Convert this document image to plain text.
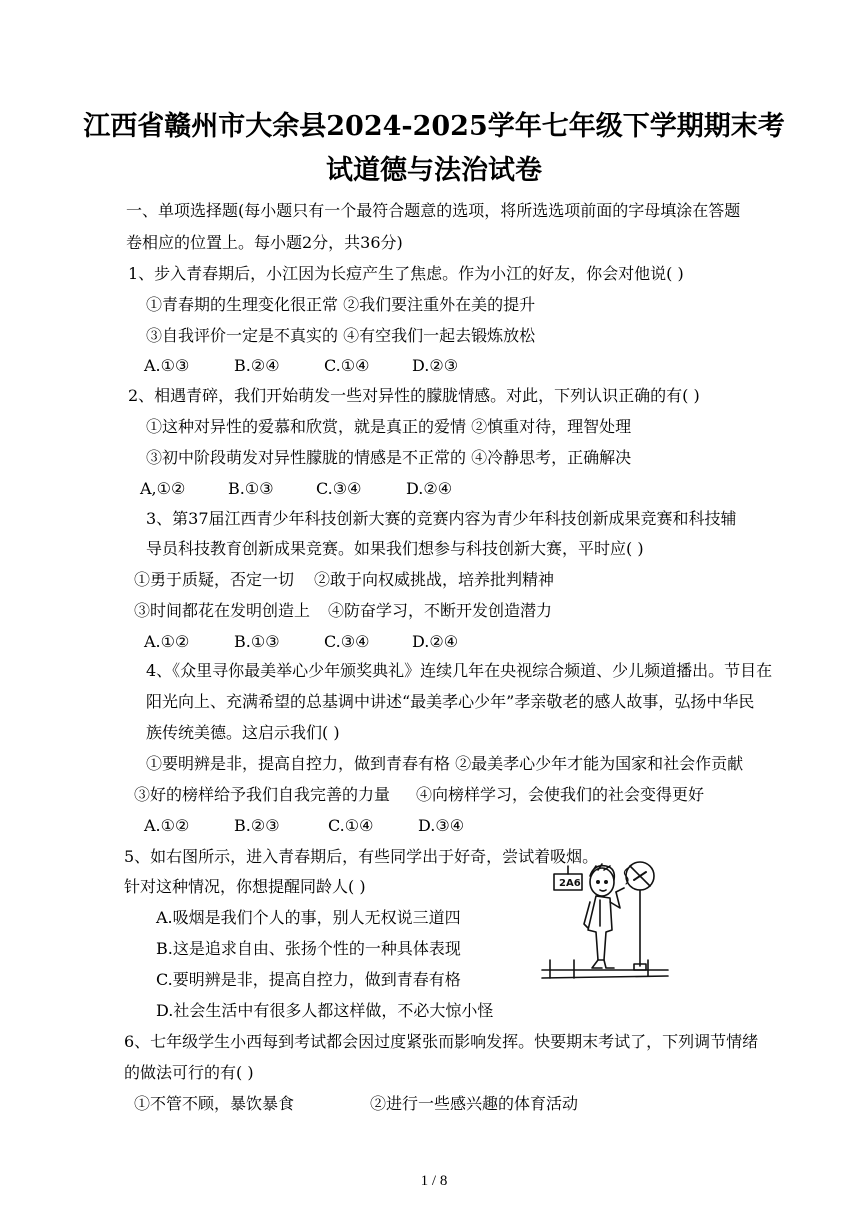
江西省赣州市大余县2024-2025学年七年级下学期期末考
试道德与法治试卷
一、单项选择题(每小题只有一个最符合题意的选项，将所选选项前面的字母填涂在答题
卷相应的位置上。每小题2分，共36分)
1、步入青春期后，小江因为长痘产生了焦虑。作为小江的好友，你会对他说( )
①青春期的生理变化很正常 ②我们要注重外在美的提升
③自我评价一定是不真实的 ④有空我们一起去锻炼放松
A.①③	B.②④	C.①④	D.②③
2、相遇青碎，我们开始萌发一些对异性的朦胧情感。对此，下列认识正确的有( )
①这种对异性的爱慕和欣赏，就是真正的爱情 ②慎重对待，理智处理
③初中阶段萌发对异性朦胧的情感是不正常的 ④冷静思考，正确解决
A,①②	B.①③	C.③④	D.②④
3、第37届江西青少年科技创新大赛的竞赛内容为青少年科技创新成果竞赛和科技辅
导员科技教育创新成果竞赛。如果我们想参与科技创新大赛，平时应( )
①勇于质疑，否定一切 ②敢于向权威挑战，培养批判精神
③时间都花在发明创造上 ④防奋学习，不断开发创造潜力
A.①②	B.①③	C.③④	D.②④
4、《众里寻你最美举心少年颁奖典礼》连续几年在央视综合频道、少儿频道播出。节目在
阳光向上、充满希望的总基调中讲述“最美孝心少年”孝亲敬老的感人故事，弘扬中华民
族传统美德。这启示我们( )
①要明辨是非，提高自控力，做到青春有格 ②最美孝心少年才能为国家和社会作贡献
③好的榜样给予我们自我完善的力量 ④向榜样学习，会使我们的社会变得更好
A.①②	B.②③	C.①④	D.③④
5、如右图所示，进入青春期后，有些同学出于好奇，尝试着吸烟。
针对这种情况，你想提醒同龄人( )
A.吸烟是我们个人的事，别人无权说三道四
B.这是追求自由、张扬个性的一种具体表现
C.要明辨是非，提高自控力，做到青春有格
D.社会生活中有很多人都这样做，不必大惊小怪
2A6
6、七年级学生小西每到考试都会因过度紧张而影响发挥。快要期末考试了，下列调节情绪
的做法可行的有( )
①不管不顾，暴饮暴食	②进行一些感兴趣的体育活动
1 / 8
